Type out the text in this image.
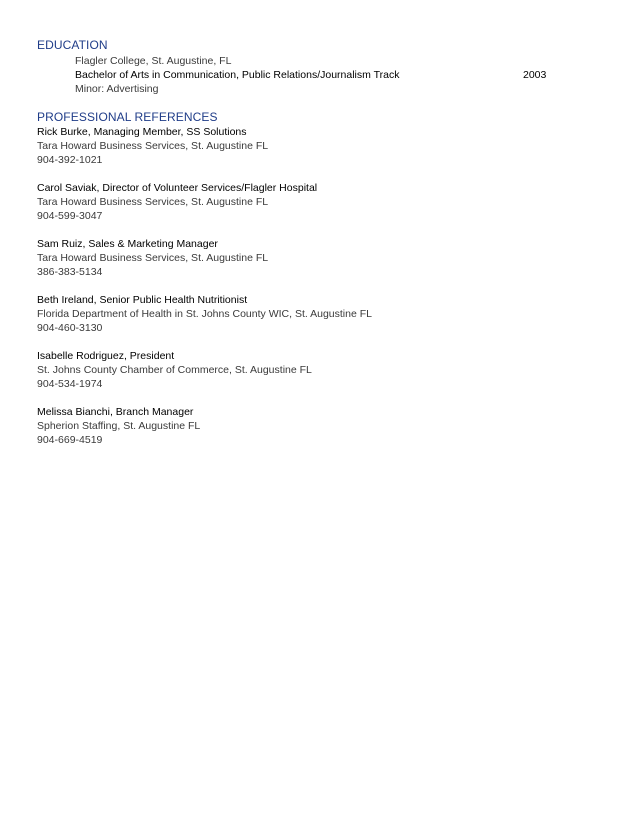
EDUCATION
Flagler College, St. Augustine, FL
Bachelor of Arts in Communication, Public Relations/Journalism Track	2003
Minor: Advertising
PROFESSIONAL REFERENCES
Rick Burke, Managing Member, SS Solutions
Tara Howard Business Services, St. Augustine FL
904-392-1021
Carol Saviak, Director of Volunteer Services/Flagler Hospital
Tara Howard Business Services, St. Augustine FL
904-599-3047
Sam Ruiz, Sales & Marketing Manager
Tara Howard Business Services, St. Augustine FL
386-383-5134
Beth Ireland, Senior Public Health Nutritionist
Florida Department of Health in St. Johns County WIC, St. Augustine FL
904-460-3130
Isabelle Rodriguez, President
St. Johns County Chamber of Commerce, St. Augustine FL
904-534-1974
Melissa Bianchi, Branch Manager
Spherion Staffing, St. Augustine FL
904-669-4519
